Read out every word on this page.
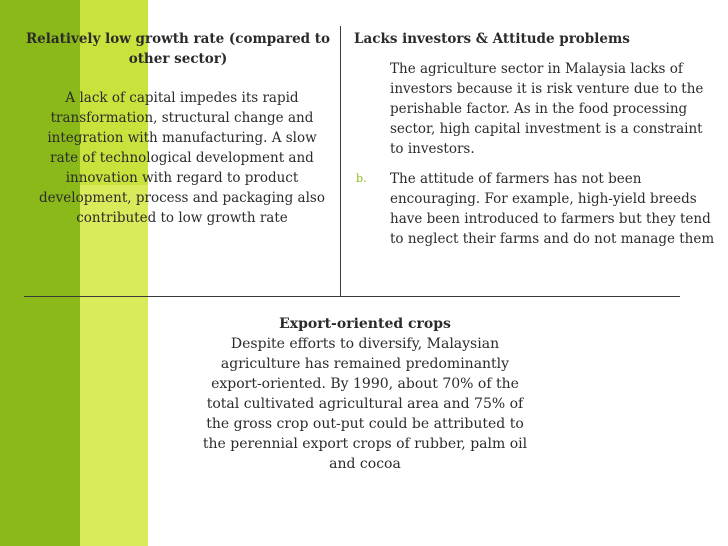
Relatively low growth rate (compared to other sector)
A lack of capital impedes its rapid transformation, structural change and integration with manufacturing. A slow rate of technological development and innovation with regard to product development, process and packaging also contributed to low growth rate
Lacks investors & Attitude problems
The agriculture sector in Malaysia lacks of investors because it is risk venture due to the perishable factor. As in the food processing sector, high capital investment is a constraint to investors.
b. The attitude of farmers has not been encouraging. For example, high-yield breeds have been introduced to farmers but they tend to neglect their farms and do not manage them
Export-oriented crops
Despite efforts to diversify, Malaysian agriculture has remained predominantly export-oriented. By 1990, about 70% of the total cultivated agricultural area and 75% of the gross crop out-put could be attributed to the perennial export crops of rubber, palm oil and cocoa
